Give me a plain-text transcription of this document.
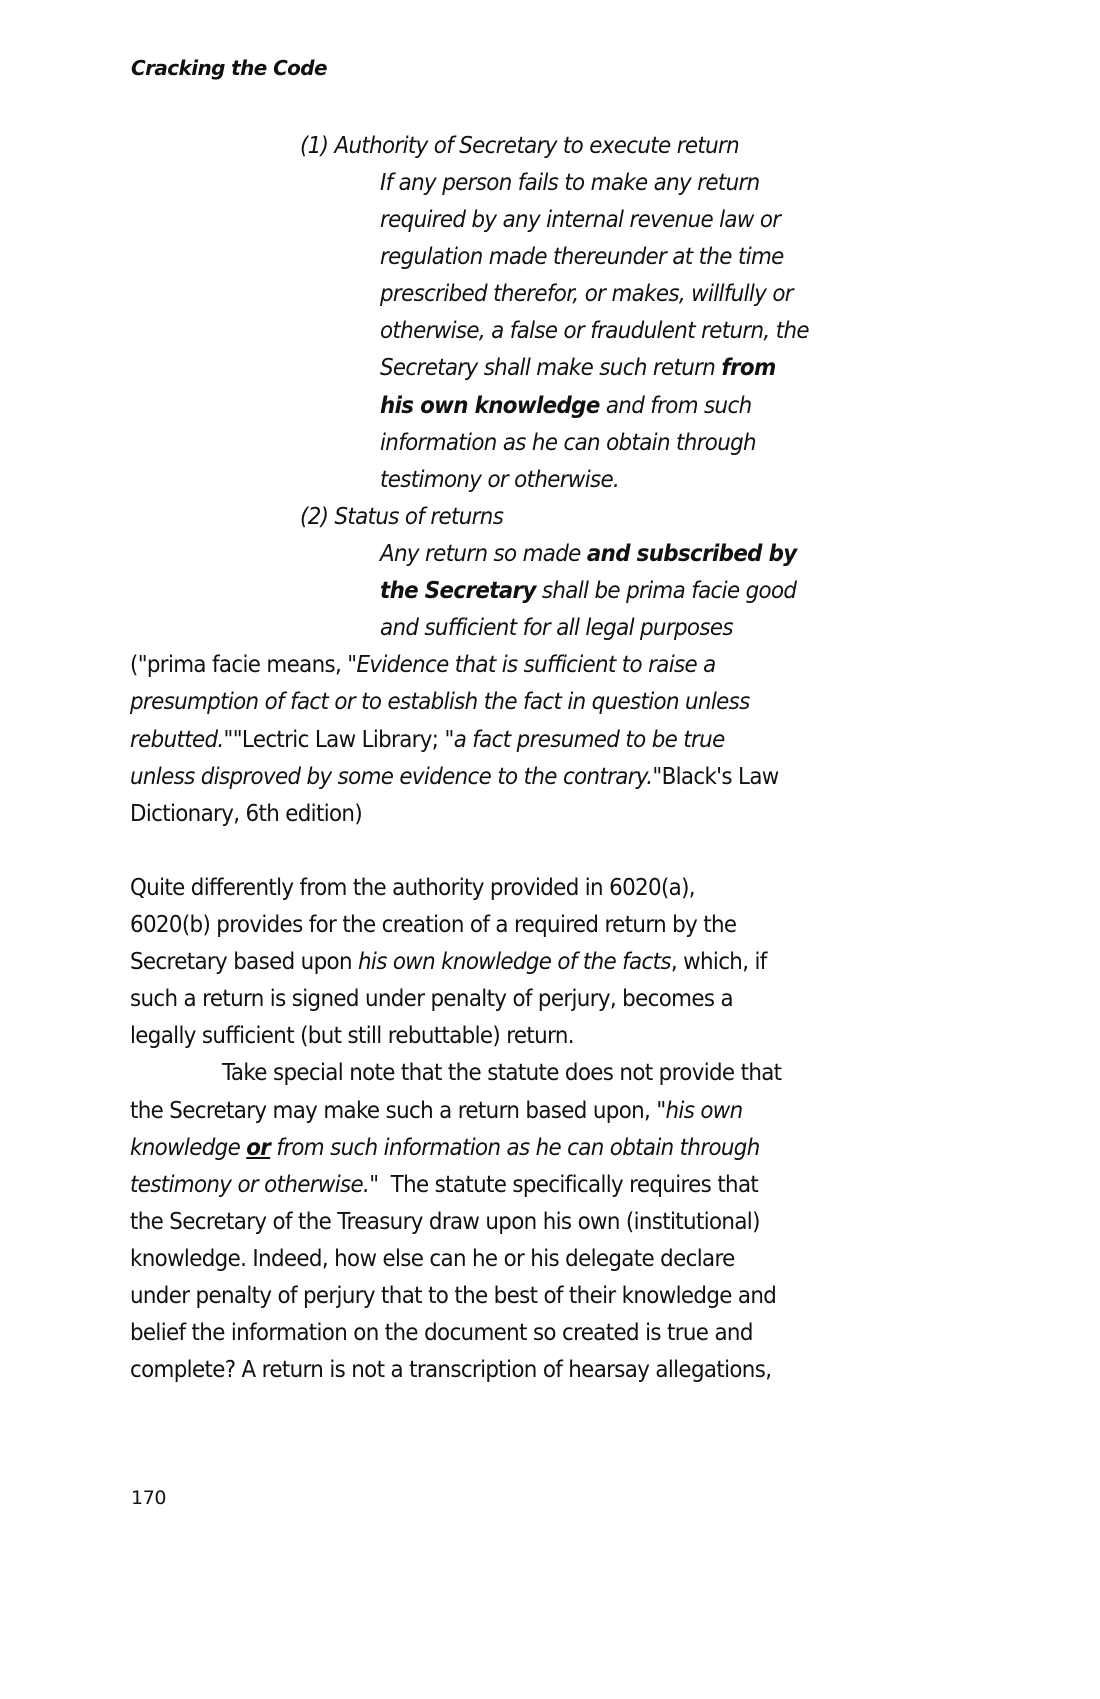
Cracking the Code
(1) Authority of Secretary to execute return
If any person fails to make any return
required by any internal revenue law or
regulation made thereunder at the time
prescribed therefor, or makes, willfully or
otherwise, a false or fraudulent return, the
Secretary shall make such return from
his own knowledge and from such
information as he can obtain through
testimony or otherwise.
(2) Status of returns
Any return so made and subscribed by
the Secretary shall be prima facie good
and sufficient for all legal purposes
("prima facie means, "Evidence that is sufficient to raise a
presumption of fact or to establish the fact in question unless
rebutted.""Lectric Law Library; "a fact presumed to be true
unless disproved by some evidence to the contrary."Black's Law
Dictionary, 6th edition)
Quite differently from the authority provided in 6020(a),
6020(b) provides for the creation of a required return by the
Secretary based upon his own knowledge of the facts, which, if
such a return is signed under penalty of perjury, becomes a
legally sufficient (but still rebuttable) return.
Take special note that the statute does not provide that
the Secretary may make such a return based upon, "his own
knowledge or from such information as he can obtain through
testimony or otherwise."  The statute specifically requires that
the Secretary of the Treasury draw upon his own (institutional)
knowledge. Indeed, how else can he or his delegate declare
under penalty of perjury that to the best of their knowledge and
belief the information on the document so created is true and
complete? A return is not a transcription of hearsay allegations,
170
